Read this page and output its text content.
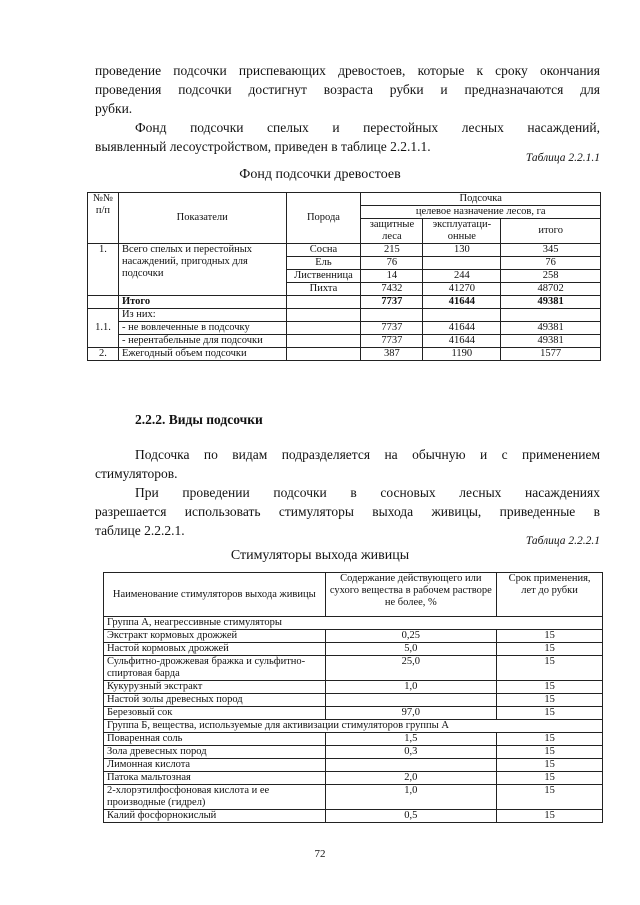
проведение подсочки приспевающих древостоев, которые к сроку окончания

проведения подсочки достигнут возраста рубки и предназначаются для

рубки.

Фонд подсочки спелых и перестойных лесных насаждений,

выявленный лесоустройством, приведен в таблице 2.2.1.1.

Таблица 2.2.1.1
Фонд подсочки древостоев
№№ п/п	Показатели	Порода	Подсочка		
			целевое назначение лесов, га		
			защитные леса	эксплуатаци-онные	итого
1.	Всего спелых и перестойных насаждений, пригодных для подсочки	Сосна	215	130	345
		Ель	76		76
		Лиственница	14	244	258
		Пихта	7432	41270	48702
	Итого		7737	41644	49381
1.1.	Из них:				
	- не вовлеченные в подсочку		7737	41644	49381
	- нерентабельные для подсочки		7737	41644	49381
2.	Ежегодный объем подсочки		387	1190	1577
2.2.2. Виды подсочки

Подсочка по видам подразделяется на обычную и с применением

стимуляторов.

При проведении подсочки в сосновых лесных насаждениях

разрешается использовать стимуляторы выхода живицы, приведенные в

таблице 2.2.2.1.

Таблица 2.2.2.1
Стимуляторы выхода живицы
Наименование стимуляторов выхода живицы	Содержание действующего или сухого вещества в рабочем растворе не более, %	Срок применения, лет до рубки
Группа А, неагрессивные стимуляторы		
Экстракт кормовых дрожжей	0,25	15
Настой кормовых дрожжей	5,0	15
Сульфитно-дрожжевая бражка и сульфитно-спиртовая барда	25,0	15
Кукурузный экстракт	1,0	15
Настой золы древесных пород		15
Березовый сок	97,0	15
Группа Б, вещества, используемые для активизации стимуляторов группы А		
Поваренная соль	1,5	15
Зола древесных пород	0,3	15
Лимонная кислота		15
Патока мальтозная	2,0	15
2-хлорэтилфосфоновая кислота и ее производные (гидрел)	1,0	15
Калий фосфорнокислый	0,5	15
72
